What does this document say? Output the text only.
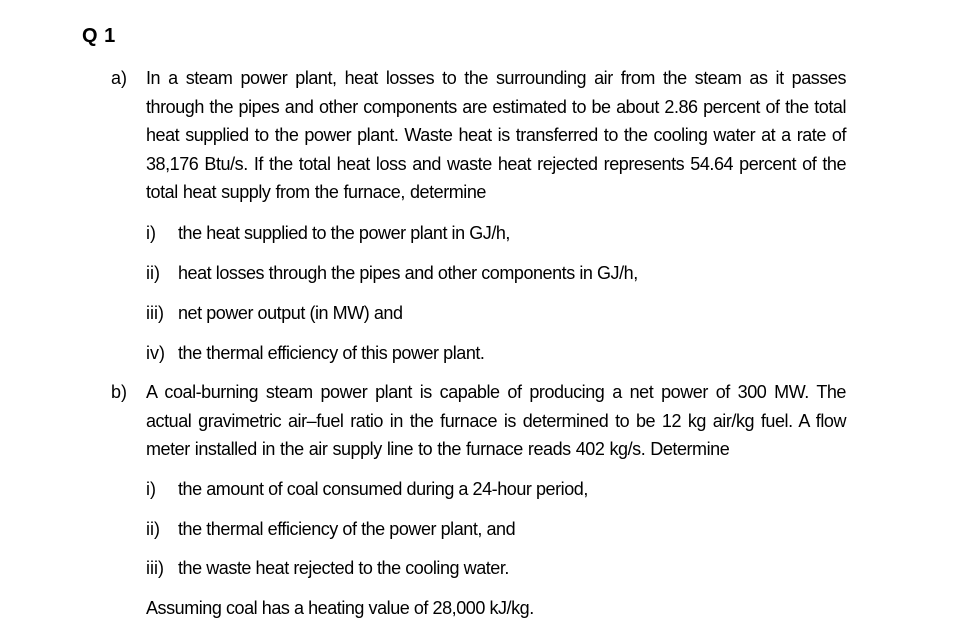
Q 1
a) In a steam power plant, heat losses to the surrounding air from the steam as it passes through the pipes and other components are estimated to be about 2.86 percent of the total heat supplied to the power plant. Waste heat is transferred to the cooling water at a rate of 38,176 Btu/s. If the total heat loss and waste heat rejected represents 54.64 percent of the total heat supply from the furnace, determine
i) the heat supplied to the power plant in GJ/h,
ii) heat losses through the pipes and other components in GJ/h,
iii) net power output (in MW) and
iv) the thermal efficiency of this power plant.
b) A coal-burning steam power plant is capable of producing a net power of 300 MW. The actual gravimetric air–fuel ratio in the furnace is determined to be 12 kg air/kg fuel. A flow meter installed in the air supply line to the furnace reads 402 kg/s. Determine
i) the amount of coal consumed during a 24-hour period,
ii) the thermal efficiency of the power plant, and
iii) the waste heat rejected to the cooling water.
Assuming coal has a heating value of 28,000 kJ/kg.
